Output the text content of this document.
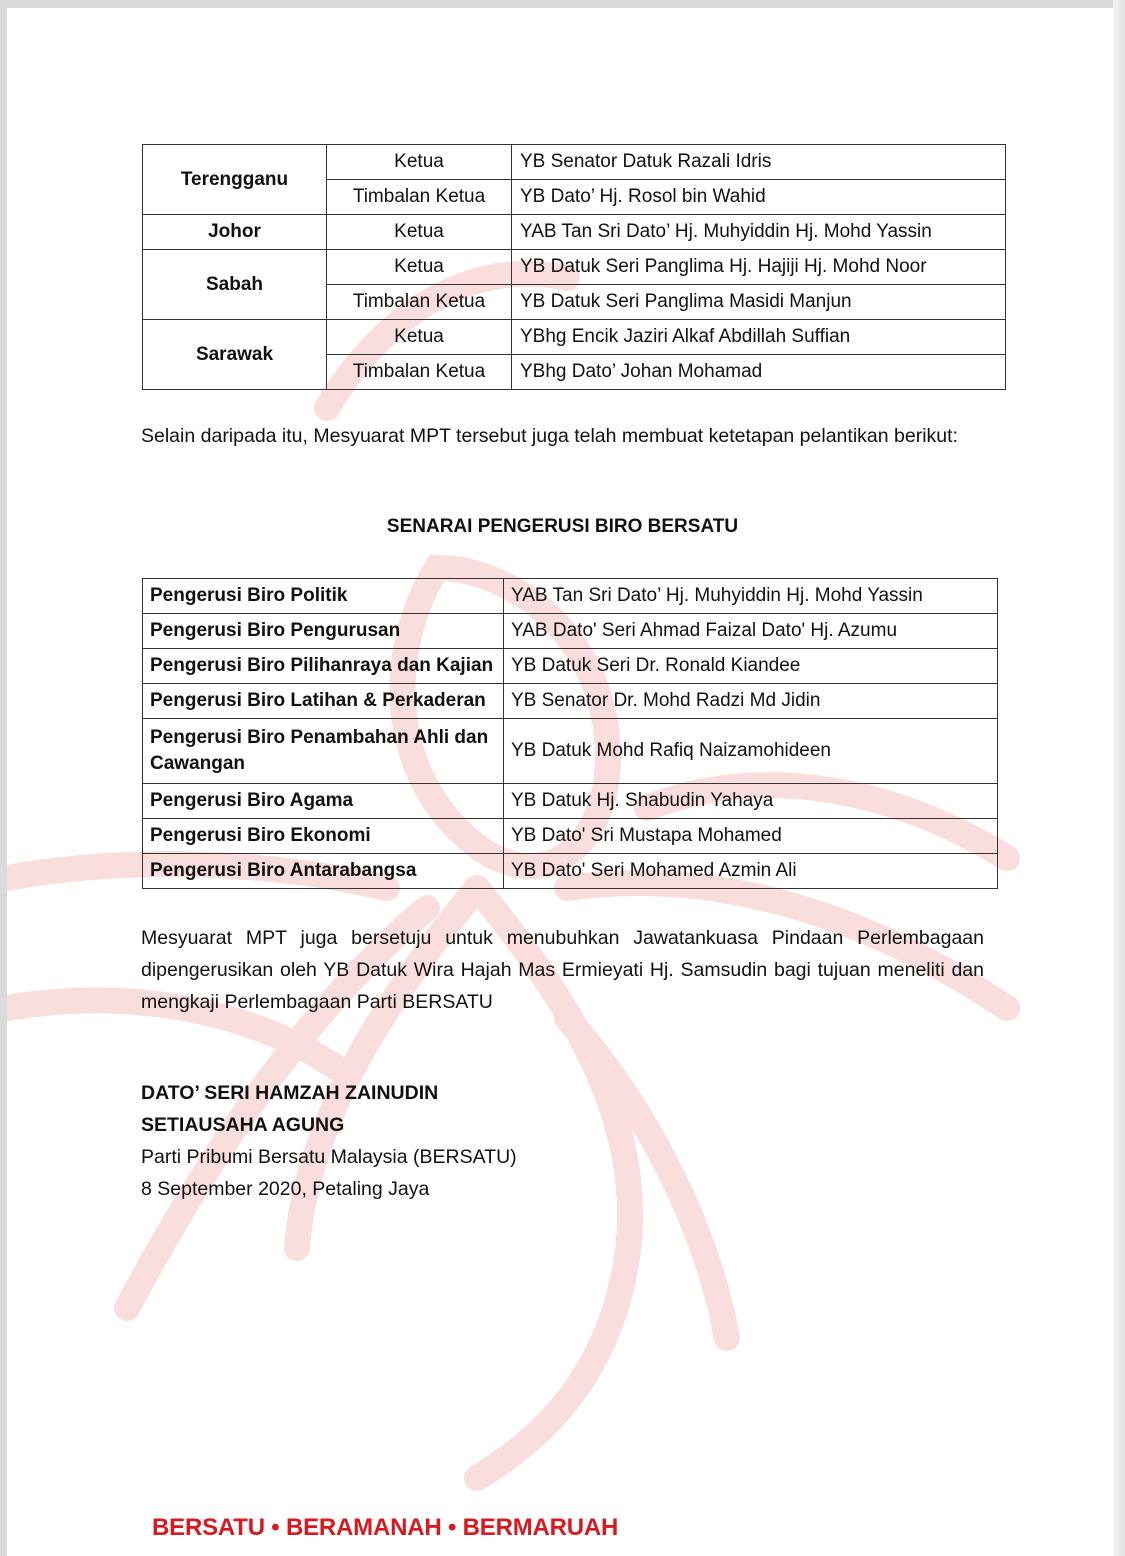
Terengganu	Ketua	YB Senator Datuk Razali Idris
	Timbalan Ketua	YB Dato’ Hj. Rosol bin Wahid
Johor	Ketua	YAB Tan Sri Dato’ Hj. Muhyiddin Hj. Mohd Yassin
Sabah	Ketua	YB Datuk Seri Panglima Hj. Hajiji Hj. Mohd Noor
	Timbalan Ketua	YB Datuk Seri Panglima Masidi Manjun
Sarawak	Ketua	YBhg Encik Jaziri Alkaf Abdillah Suffian
	Timbalan Ketua	YBhg Dato’ Johan Mohamad

Selain daripada itu, Mesyuarat MPT tersebut juga telah membuat ketetapan pelantikan berikut:

SENARAI PENGERUSI BIRO BERSATU

Pengerusi Biro Politik	YAB Tan Sri Dato’ Hj. Muhyiddin Hj. Mohd Yassin
Pengerusi Biro Pengurusan	YAB Dato' Seri Ahmad Faizal Dato' Hj. Azumu
Pengerusi Biro Pilihanraya dan Kajian	YB Datuk Seri Dr. Ronald Kiandee
Pengerusi Biro Latihan & Perkaderan	YB Senator Dr. Mohd Radzi Md Jidin
Pengerusi Biro Penambahan Ahli dan Cawangan	YB Datuk Mohd Rafiq Naizamohideen
Pengerusi Biro Agama	YB Datuk Hj. Shabudin Yahaya
Pengerusi Biro Ekonomi	YB Dato' Sri Mustapa Mohamed
Pengerusi Biro Antarabangsa	YB Dato' Seri Mohamed Azmin Ali

Mesyuarat MPT juga bersetuju untuk menubuhkan Jawatankuasa Pindaan Perlembagaan dipengerusikan oleh YB Datuk Wira Hajah Mas Ermieyati Hj. Samsudin bagi tujuan meneliti dan mengkaji Perlembagaan Parti BERSATU

DATO’ SERI HAMZAH ZAINUDIN

SETIAUSAHA AGUNG

Parti Pribumi Bersatu Malaysia (BERSATU)

8 September 2020, Petaling Jaya

BERSATU • BERAMANAH • BERMARUAH
